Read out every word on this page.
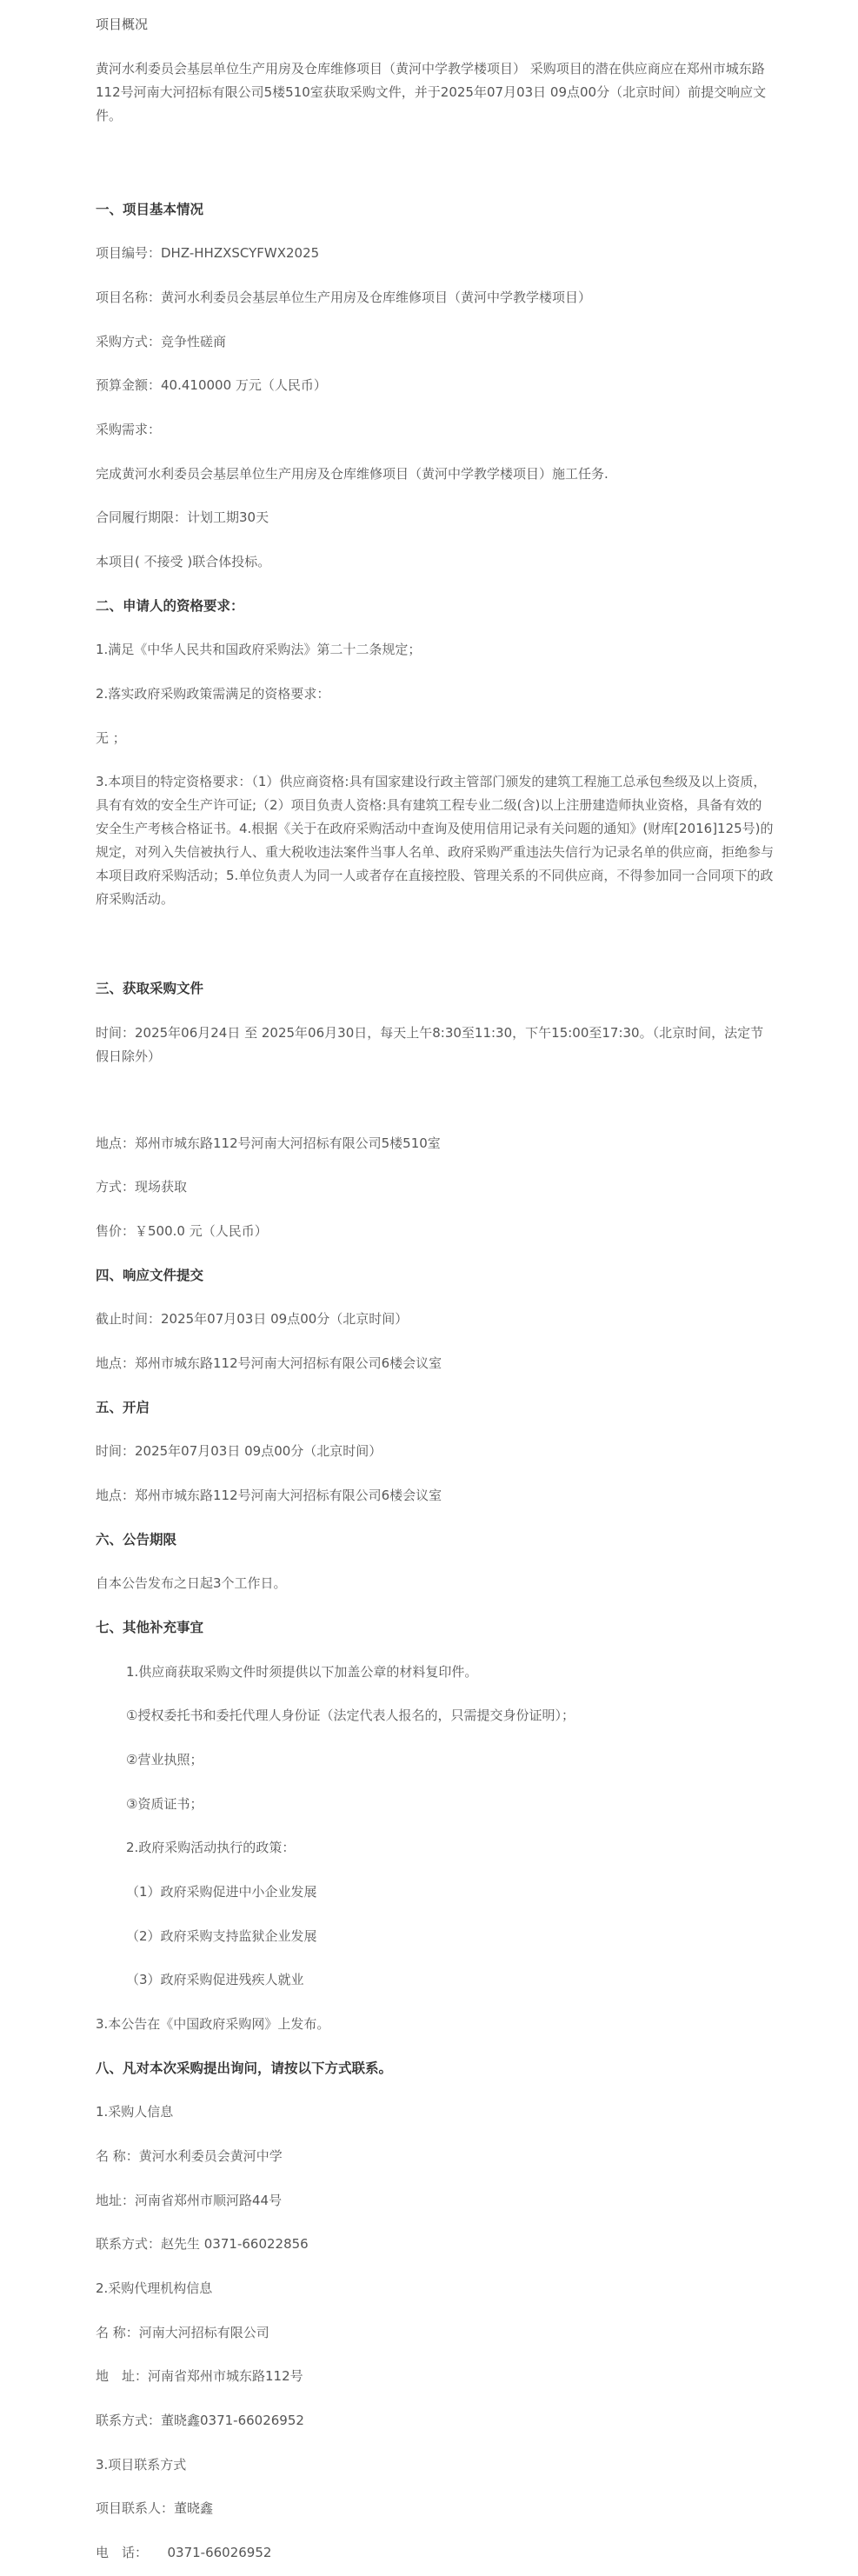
项目概况

黄河水利委员会基层单位生产用房及仓库维修项目（黄河中学教学楼项目） 采购项目的潜在供应商应在郑州市城东路112号河南大河招标有限公司5楼510室获取采购文件，并于2025年07月03日 09点00分（北京时间）前提交响应文件。

一、项目基本情况

项目编号：DHZ-HHZXSCYFWX2025

项目名称：黄河水利委员会基层单位生产用房及仓库维修项目（黄河中学教学楼项目）

采购方式：竞争性磋商

预算金额：40.410000 万元（人民币）

采购需求：

完成黄河水利委员会基层单位生产用房及仓库维修项目（黄河中学教学楼项目）施工任务.

合同履行期限：计划工期30天

本项目( 不接受 )联合体投标。

二、申请人的资格要求：

1.满足《中华人民共和国政府采购法》第二十二条规定；

2.落实政府采购政策需满足的资格要求：

无 ；

3.本项目的特定资格要求：（1）供应商资格:具有国家建设行政主管部门颁发的建筑工程施工总承包叁级及以上资质，具有有效的安全生产许可证;（2）项目负责人资格:具有建筑工程专业二级(含)以上注册建造师执业资格，具备有效的安全生产考核合格证书。4.根据《关于在政府采购活动中查询及使用信用记录有关问题的通知》(财库[2016]125号)的规定，对列入失信被执行人、重大税收违法案件当事人名单、政府采购严重违法失信行为记录名单的供应商，拒绝参与本项目政府采购活动；5.单位负责人为同一人或者存在直接控股、管理关系的不同供应商，不得参加同一合同项下的政府采购活动。

三、获取采购文件

时间：2025年06月24日 至 2025年06月30日，每天上午8:30至11:30，下午15:00至17:30。（北京时间，法定节假日除外）

地点：郑州市城东路112号河南大河招标有限公司5楼510室

方式：现场获取

售价：￥500.0 元（人民币）

四、响应文件提交

截止时间：2025年07月03日 09点00分（北京时间）

地点：郑州市城东路112号河南大河招标有限公司6楼会议室

五、开启

时间：2025年07月03日 09点00分（北京时间）

地点：郑州市城东路112号河南大河招标有限公司6楼会议室

六、公告期限

自本公告发布之日起3个工作日。

七、其他补充事宜

1.供应商获取采购文件时须提供以下加盖公章的材料复印件。

①授权委托书和委托代理人身份证（法定代表人报名的，只需提交身份证明）；

②营业执照；

③资质证书；

2.政府采购活动执行的政策：

（1）政府采购促进中小企业发展

（2）政府采购支持监狱企业发展

（3）政府采购促进残疾人就业

3.本公告在《中国政府采购网》上发布。

八、凡对本次采购提出询问，请按以下方式联系。

1.采购人信息

名 称：黄河水利委员会黄河中学

地址：河南省郑州市顺河路44号

联系方式：赵先生 0371-66022856

2.采购代理机构信息

名 称：河南大河招标有限公司

地　址：河南省郑州市城东路112号

联系方式：董晓鑫0371-66026952

3.项目联系方式

项目联系人：董晓鑫

电　话：　　0371-66026952
